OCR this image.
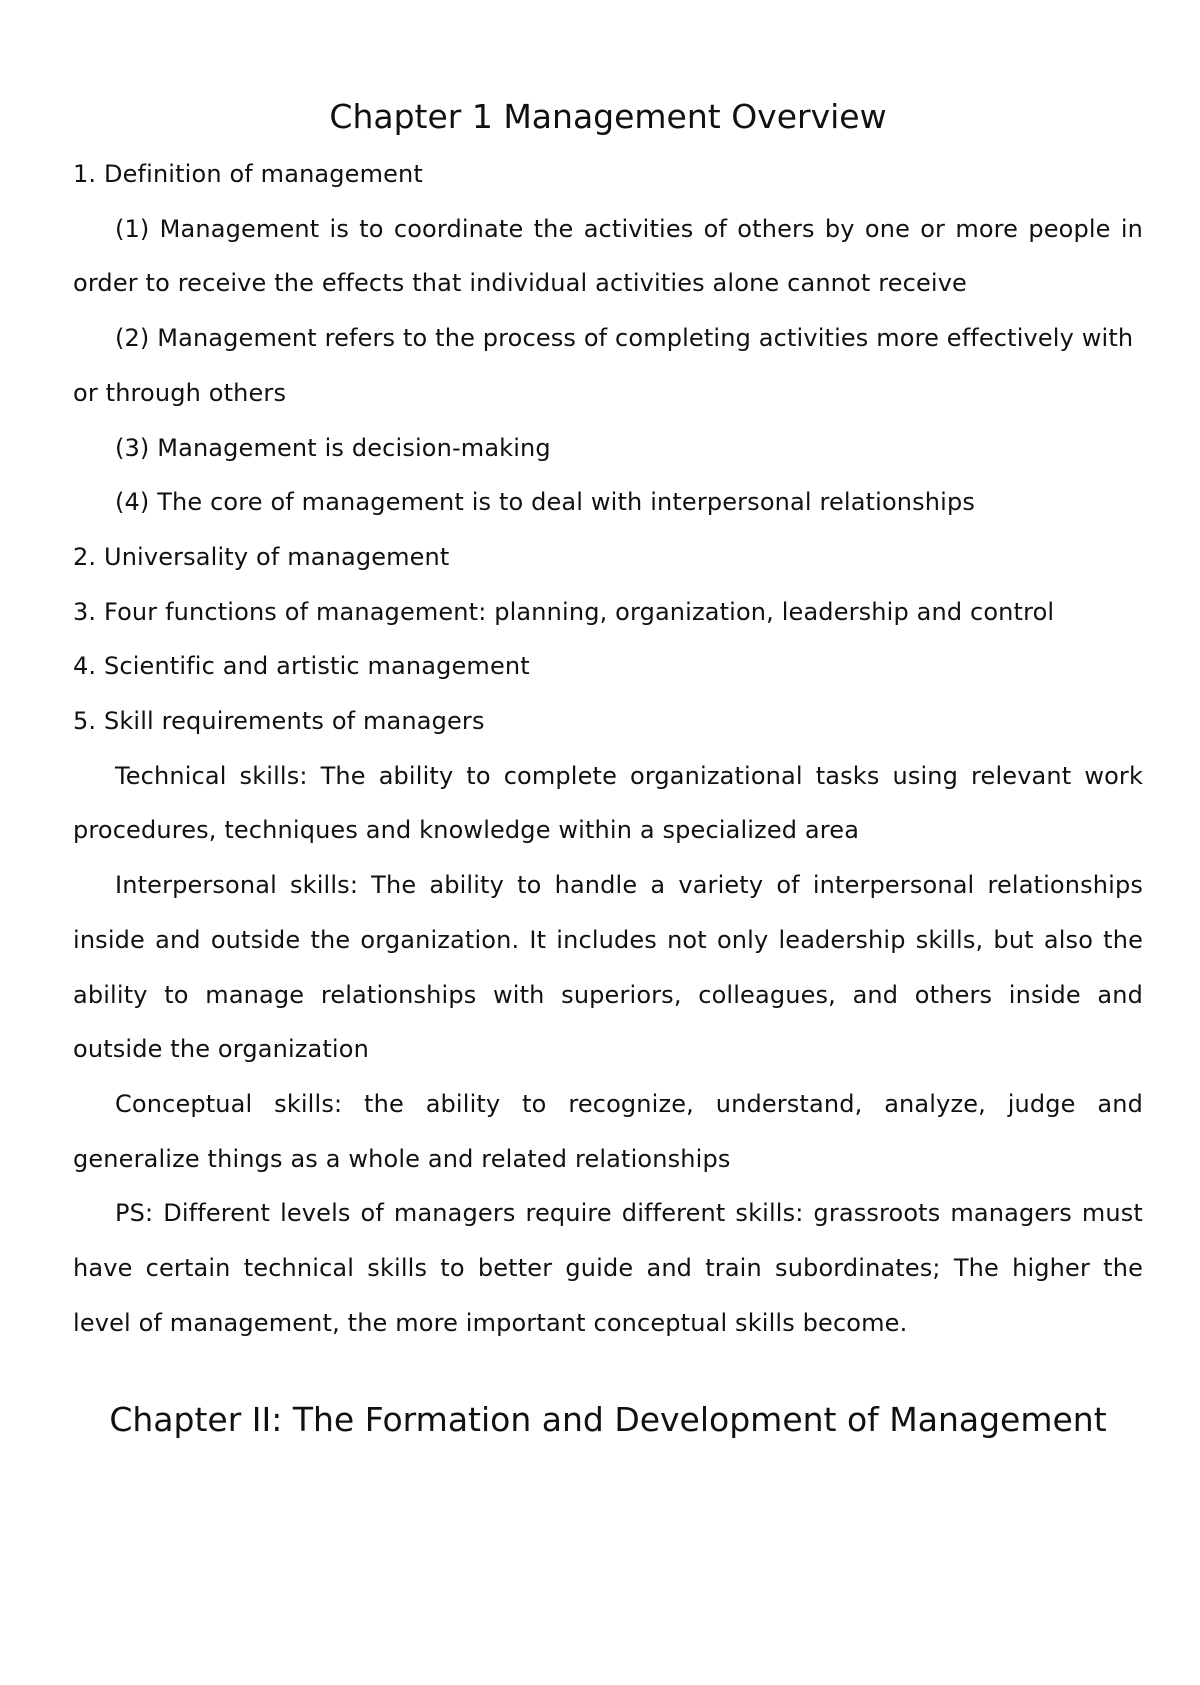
Chapter 1 Management Overview

1. Definition of management

(1) Management is to coordinate the activities of others by one or more people in order to receive the effects that individual activities alone cannot receive

(2) Management refers to the process of completing activities more effectively with or through others

(3) Management is decision-making

(4) The core of management is to deal with interpersonal relationships

2. Universality of management

3. Four functions of management: planning, organization, leadership and control

4. Scientific and artistic management

5. Skill requirements of managers

Technical skills: The ability to complete organizational tasks using relevant work procedures, techniques and knowledge within a specialized area

Interpersonal skills: The ability to handle a variety of interpersonal relationships inside and outside the organization. It includes not only leadership skills, but also the ability to manage relationships with superiors, colleagues, and others inside and outside the organization

Conceptual skills: the ability to recognize, understand, analyze, judge and generalize things as a whole and related relationships

PS: Different levels of managers require different skills: grassroots managers must have certain technical skills to better guide and train subordinates; The higher the level of management, the more important conceptual skills become.

Chapter II: The Formation and Development of Management
